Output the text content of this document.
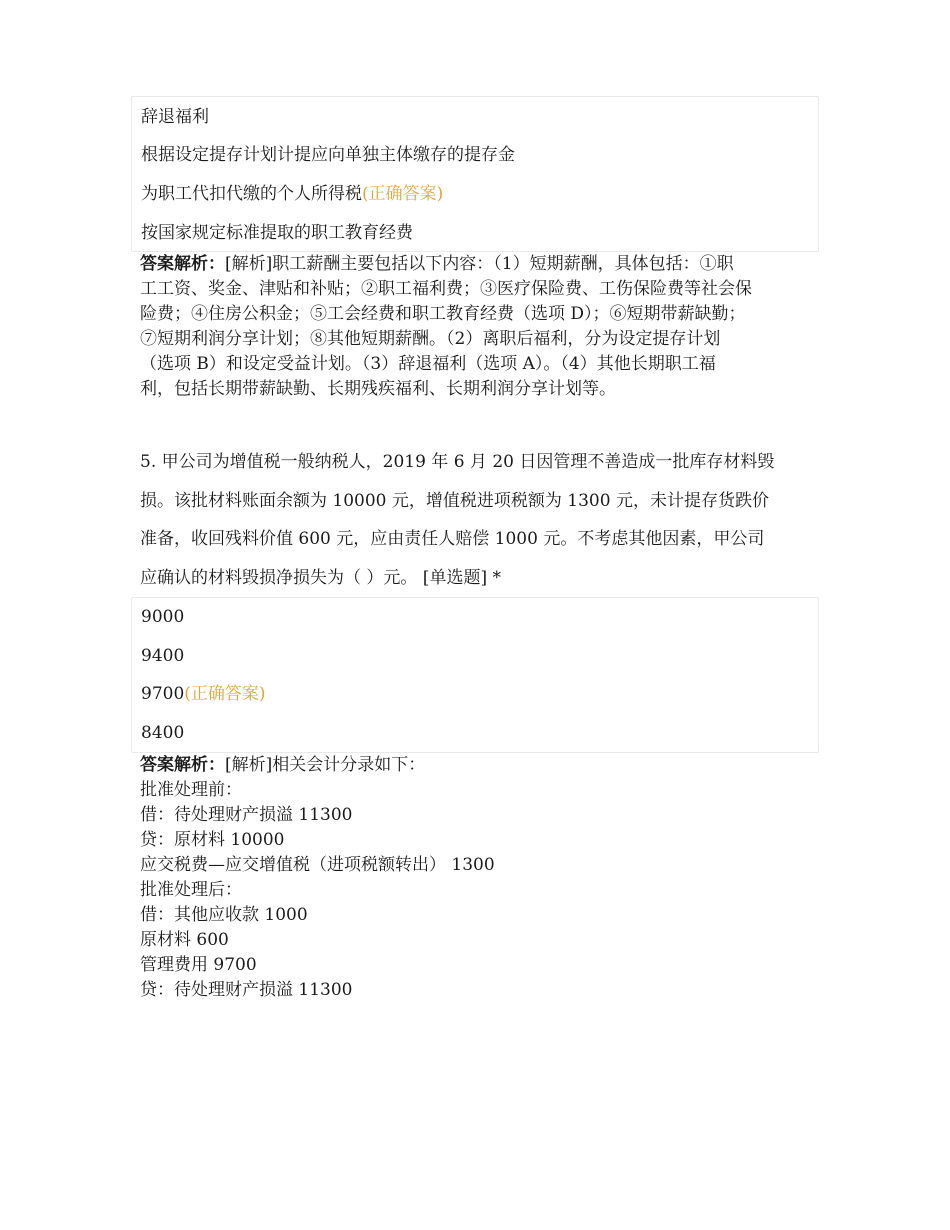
辞退福利
根据设定提存计划计提应向单独主体缴存的提存金
为职工代扣代缴的个人所得税(正确答案)
按国家规定标准提取的职工教育经费
答案解析：[解析]职工薪酬主要包括以下内容：（1）短期薪酬，具体包括：①职
工工资、奖金、津贴和补贴；②职工福利费；③医疗保险费、工伤保险费等社会保
险费；④住房公积金；⑤工会经费和职工教育经费（选项 D）；⑥短期带薪缺勤；
⑦短期利润分享计划；⑧其他短期薪酬。（2）离职后福利，分为设定提存计划
（选项 B）和设定受益计划。（3）辞退福利（选项 A）。（4）其他长期职工福
利，包括长期带薪缺勤、长期残疾福利、长期利润分享计划等。
5. 甲公司为增值税一般纳税人，2019 年 6 月 20 日因管理不善造成一批库存材料毁
损。该批材料账面余额为 10000 元，增值税进项税额为 1300 元，未计提存货跌价
准备，收回残料价值 600 元，应由责任人赔偿 1000 元。不考虑其他因素，甲公司
应确认的材料毁损净损失为（ ）元。 [单选题] *
9000
9400
9700(正确答案)
8400
答案解析：[解析]相关会计分录如下：
批准处理前：
借：待处理财产损溢 11300
贷：原材料 10000
应交税费—应交增值税（进项税额转出） 1300
批准处理后：
借：其他应收款 1000
原材料 600
管理费用 9700
贷：待处理财产损溢 11300
